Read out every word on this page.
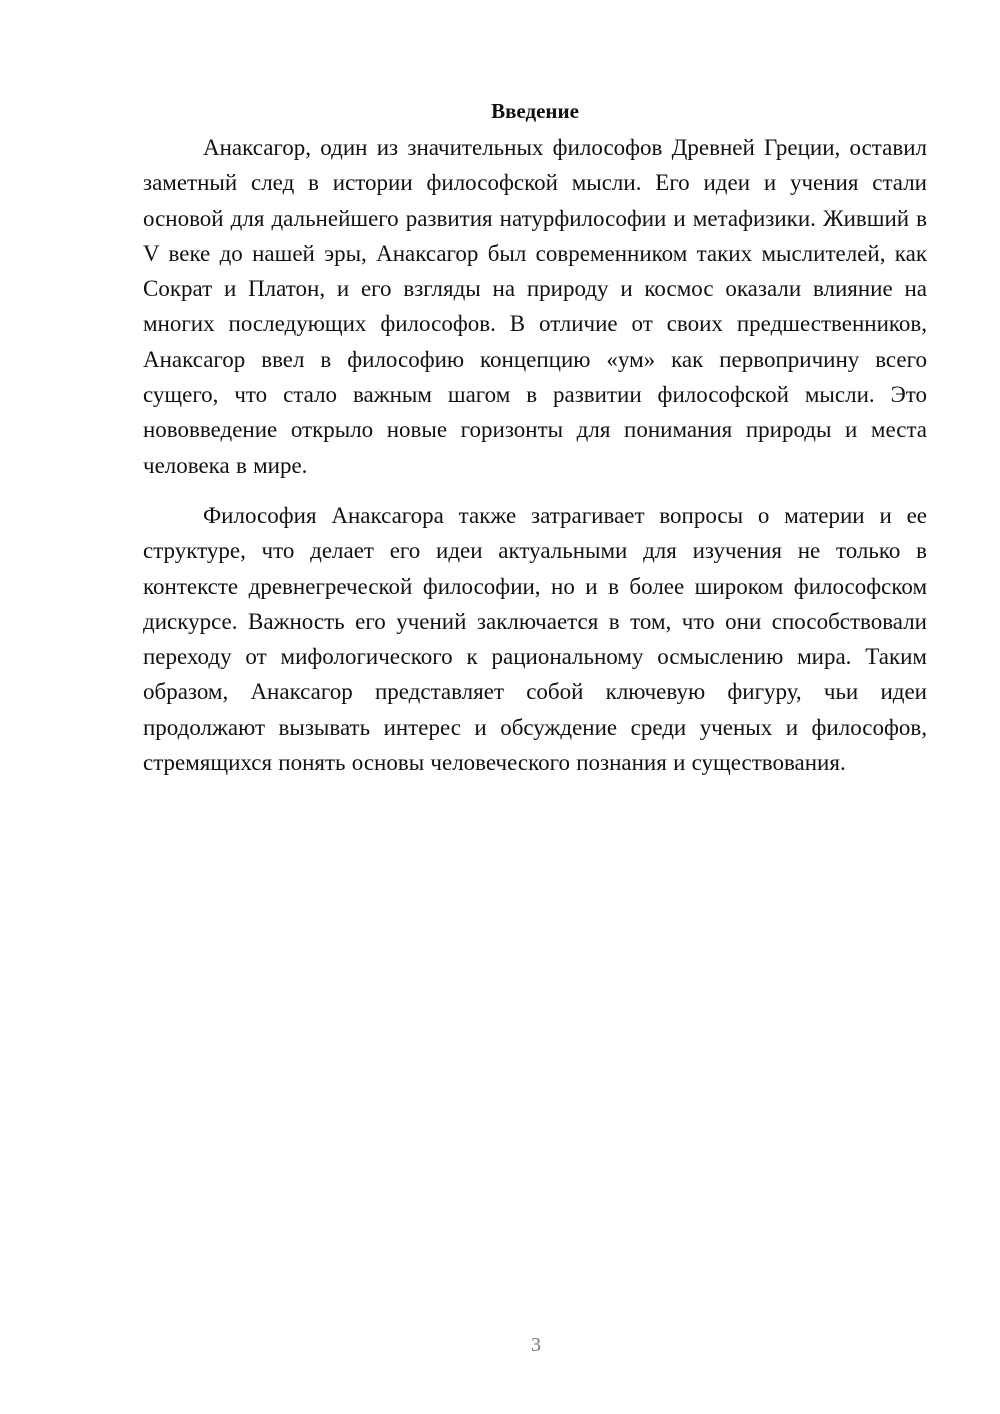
Введение

Анаксагор, один из значительных философов Древней Греции, оставил заметный след в истории философской мысли. Его идеи и учения стали основой для дальнейшего развития натурфилософии и метафизики. Живший в V веке до нашей эры, Анаксагор был современником таких мыслителей, как Сократ и Платон, и его взгляды на природу и космос оказали влияние на многих последующих философов. В отличие от своих предшественников, Анаксагор ввел в философию концепцию «ум» как первопричину всего сущего, что стало важным шагом в развитии философской мысли. Это нововведение открыло новые горизонты для понимания природы и места человека в мире.

Философия Анаксагора также затрагивает вопросы о материи и ее структуре, что делает его идеи актуальными для изучения не только в контексте древнегреческой философии, но и в более широком философском дискурсе. Важность его учений заключается в том, что они способствовали переходу от мифологического к рациональному осмыслению мира. Таким образом, Анаксагор представляет собой ключевую фигуру, чьи идеи продолжают вызывать интерес и обсуждение среди ученых и философов, стремящихся понять основы человеческого познания и существования.

3
